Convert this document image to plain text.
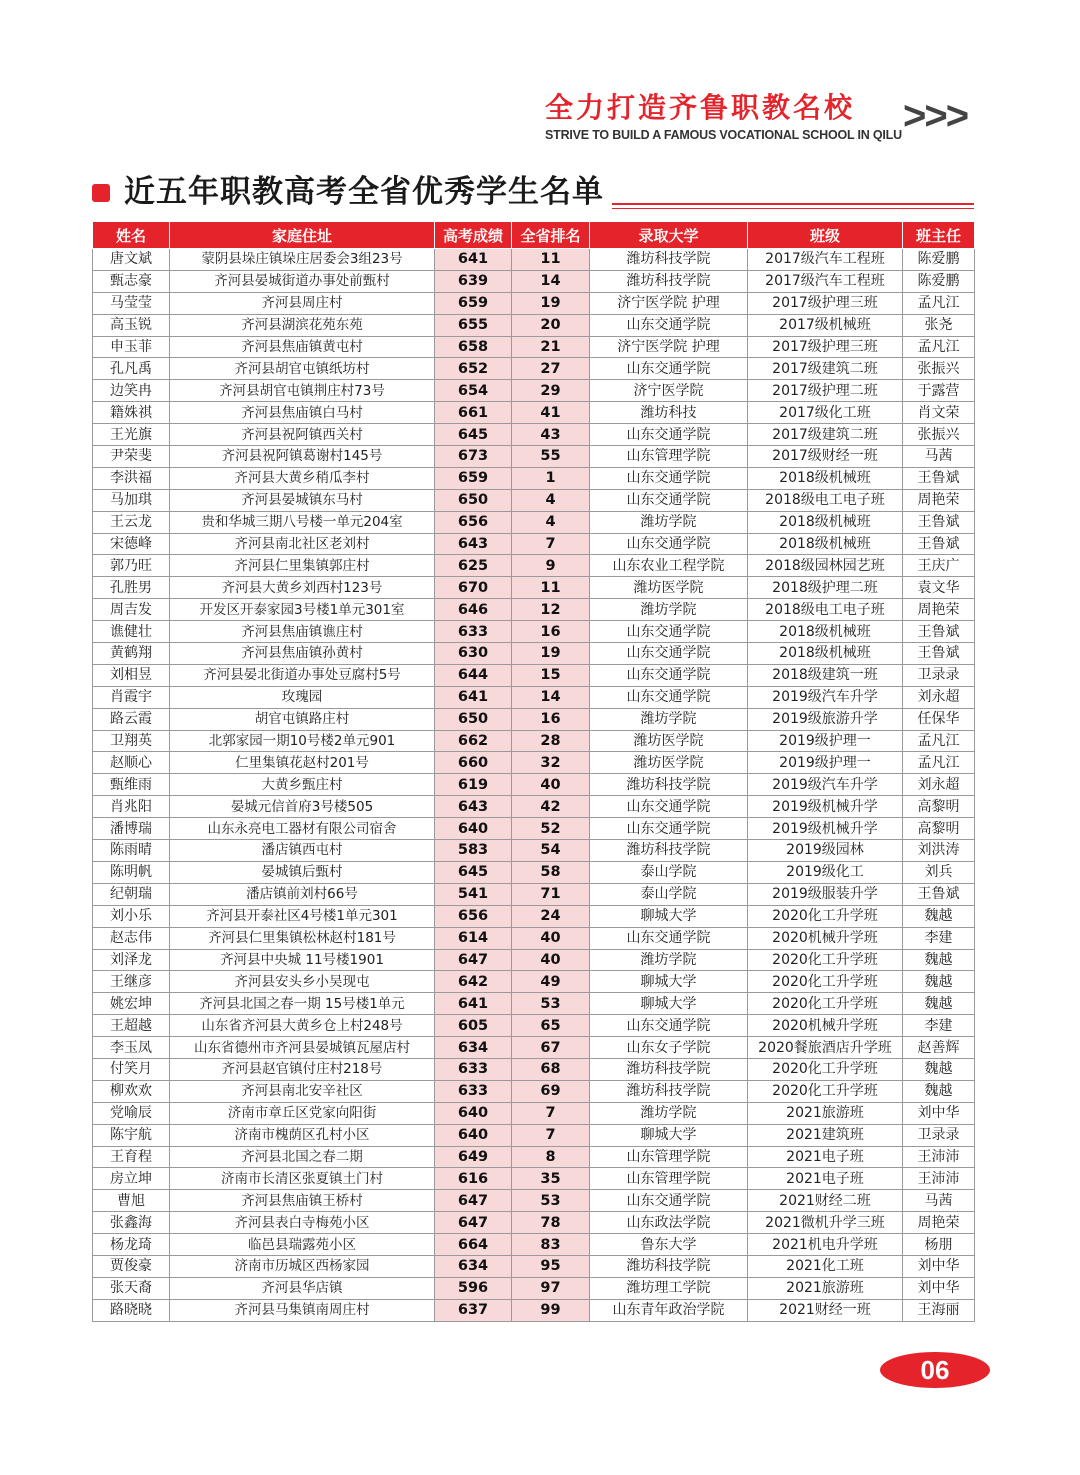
全力打造齐鲁职教名校
STRIVE TO BUILD A FAMOUS VOCATIONAL SCHOOL IN QILU >>>
近五年职教高考全省优秀学生名单
姓名	家庭住址	高考成绩	全省排名	录取大学	班级	班主任
唐文斌	蒙阴县垛庄镇垛庄居委会3组23号	641	11	潍坊科技学院	2017级汽车工程班	陈爱鹏
甄志豪	齐河县晏城街道办事处前甄村	639	14	潍坊科技学院	2017级汽车工程班	陈爱鹏
马莹莹	齐河县周庄村	659	19	济宁医学院 护理	2017级护理三班	孟凡江
高玉锐	齐河县湖滨花苑东苑	655	20	山东交通学院	2017级机械班	张尧
申玉菲	齐河县焦庙镇黄屯村	658	21	济宁医学院 护理	2017级护理三班	孟凡江
孔凡禹	齐河县胡官屯镇纸坊村	652	27	山东交通学院	2017级建筑二班	张振兴
边笑冉	齐河县胡官屯镇荆庄村73号	654	29	济宁医学院	2017级护理二班	于露营
籍姝祺	齐河县焦庙镇白马村	661	41	潍坊科技	2017级化工班	肖文荣
王光旗	齐河县祝阿镇西关村	645	43	山东交通学院	2017级建筑二班	张振兴
尹荣斐	齐河县祝阿镇葛谢村145号	673	55	山东管理学院	2017级财经一班	马茜
李洪福	齐河县大黄乡稍瓜李村	659	1	山东交通学院	2018级机械班	王鲁斌
马加琪	齐河县晏城镇东马村	650	4	山东交通学院	2018级电工电子班	周艳荣
王云龙	贵和华城三期八号楼一单元204室	656	4	潍坊学院	2018级机械班	王鲁斌
宋德峰	齐河县南北社区老刘村	643	7	山东交通学院	2018级机械班	王鲁斌
郭乃旺	齐河县仁里集镇郭庄村	625	9	山东农业工程学院	2018级园林园艺班	王庆广
孔胜男	齐河县大黄乡刘西村123号	670	11	潍坊医学院	2018级护理二班	袁文华
周吉发	开发区开泰家园3号楼1单元301室	646	12	潍坊学院	2018级电工电子班	周艳荣
谯健壮	齐河县焦庙镇谯庄村	633	16	山东交通学院	2018级机械班	王鲁斌
黄鹤翔	齐河县焦庙镇孙黄村	630	19	山东交通学院	2018级机械班	王鲁斌
刘相昱	齐河县晏北街道办事处豆腐村5号	644	15	山东交通学院	2018级建筑一班	卫录录
肖霞宇	玫瑰园	641	14	山东交通学院	2019级汽车升学	刘永超
路云霞	胡官屯镇路庄村	650	16	潍坊学院	2019级旅游升学	任保华
卫翔英	北郭家园一期10号楼2单元901	662	28	潍坊医学院	2019级护理一	孟凡江
赵顺心	仁里集镇花赵村201号	660	32	潍坊医学院	2019级护理一	孟凡江
甄维雨	大黄乡甄庄村	619	40	潍坊科技学院	2019级汽车升学	刘永超
肖兆阳	晏城元信首府3号楼505	643	42	山东交通学院	2019级机械升学	高黎明
潘博瑞	山东永亮电工器材有限公司宿舍	640	52	山东交通学院	2019级机械升学	高黎明
陈雨晴	潘店镇西屯村	583	54	潍坊科技学院	2019级园林	刘洪涛
陈明帆	晏城镇后甄村	645	58	泰山学院	2019级化工	刘兵
纪朝瑞	潘店镇前刘村66号	541	71	泰山学院	2019级服装升学	王鲁斌
刘小乐	齐河县开泰社区4号楼1单元301	656	24	聊城大学	2020化工升学班	魏越
赵志伟	齐河县仁里集镇松林赵村181号	614	40	山东交通学院	2020机械升学班	李建
刘泽龙	齐河县中央城 11号楼1901	647	40	潍坊学院	2020化工升学班	魏越
王继彦	齐河县安头乡小吴现屯	642	49	聊城大学	2020化工升学班	魏越
姚宏坤	齐河县北国之春一期 15号楼1单元	641	53	聊城大学	2020化工升学班	魏越
王超越	山东省齐河县大黄乡仓上村248号	605	65	山东交通学院	2020机械升学班	李建
李玉凤	山东省德州市齐河县晏城镇瓦屋店村	634	67	山东女子学院	2020餐旅酒店升学班	赵善辉
付笑月	齐河县赵官镇付庄村218号	633	68	潍坊科技学院	2020化工升学班	魏越
柳欢欢	齐河县南北安辛社区	633	69	潍坊科技学院	2020化工升学班	魏越
党喻辰	济南市章丘区党家向阳街	640	7	潍坊学院	2021旅游班	刘中华
陈宇航	济南市槐荫区孔村小区	640	7	聊城大学	2021建筑班	卫录录
王育程	齐河县北国之春二期	649	8	山东管理学院	2021电子班	王沛沛
房立坤	济南市长清区张夏镇土门村	616	35	山东管理学院	2021电子班	王沛沛
曹旭	齐河县焦庙镇王桥村	647	53	山东交通学院	2021财经二班	马茜
张鑫海	齐河县表白寺梅苑小区	647	78	山东政法学院	2021微机升学三班	周艳荣
杨龙琦	临邑县瑞露苑小区	664	83	鲁东大学	2021机电升学班	杨朋
贾俊豪	济南市历城区西杨家园	634	95	潍坊科技学院	2021化工班	刘中华
张天裔	齐河县华店镇	596	97	潍坊理工学院	2021旅游班	刘中华
路晓晓	齐河县马集镇南周庄村	637	99	山东青年政治学院	2021财经一班	王海丽
06
